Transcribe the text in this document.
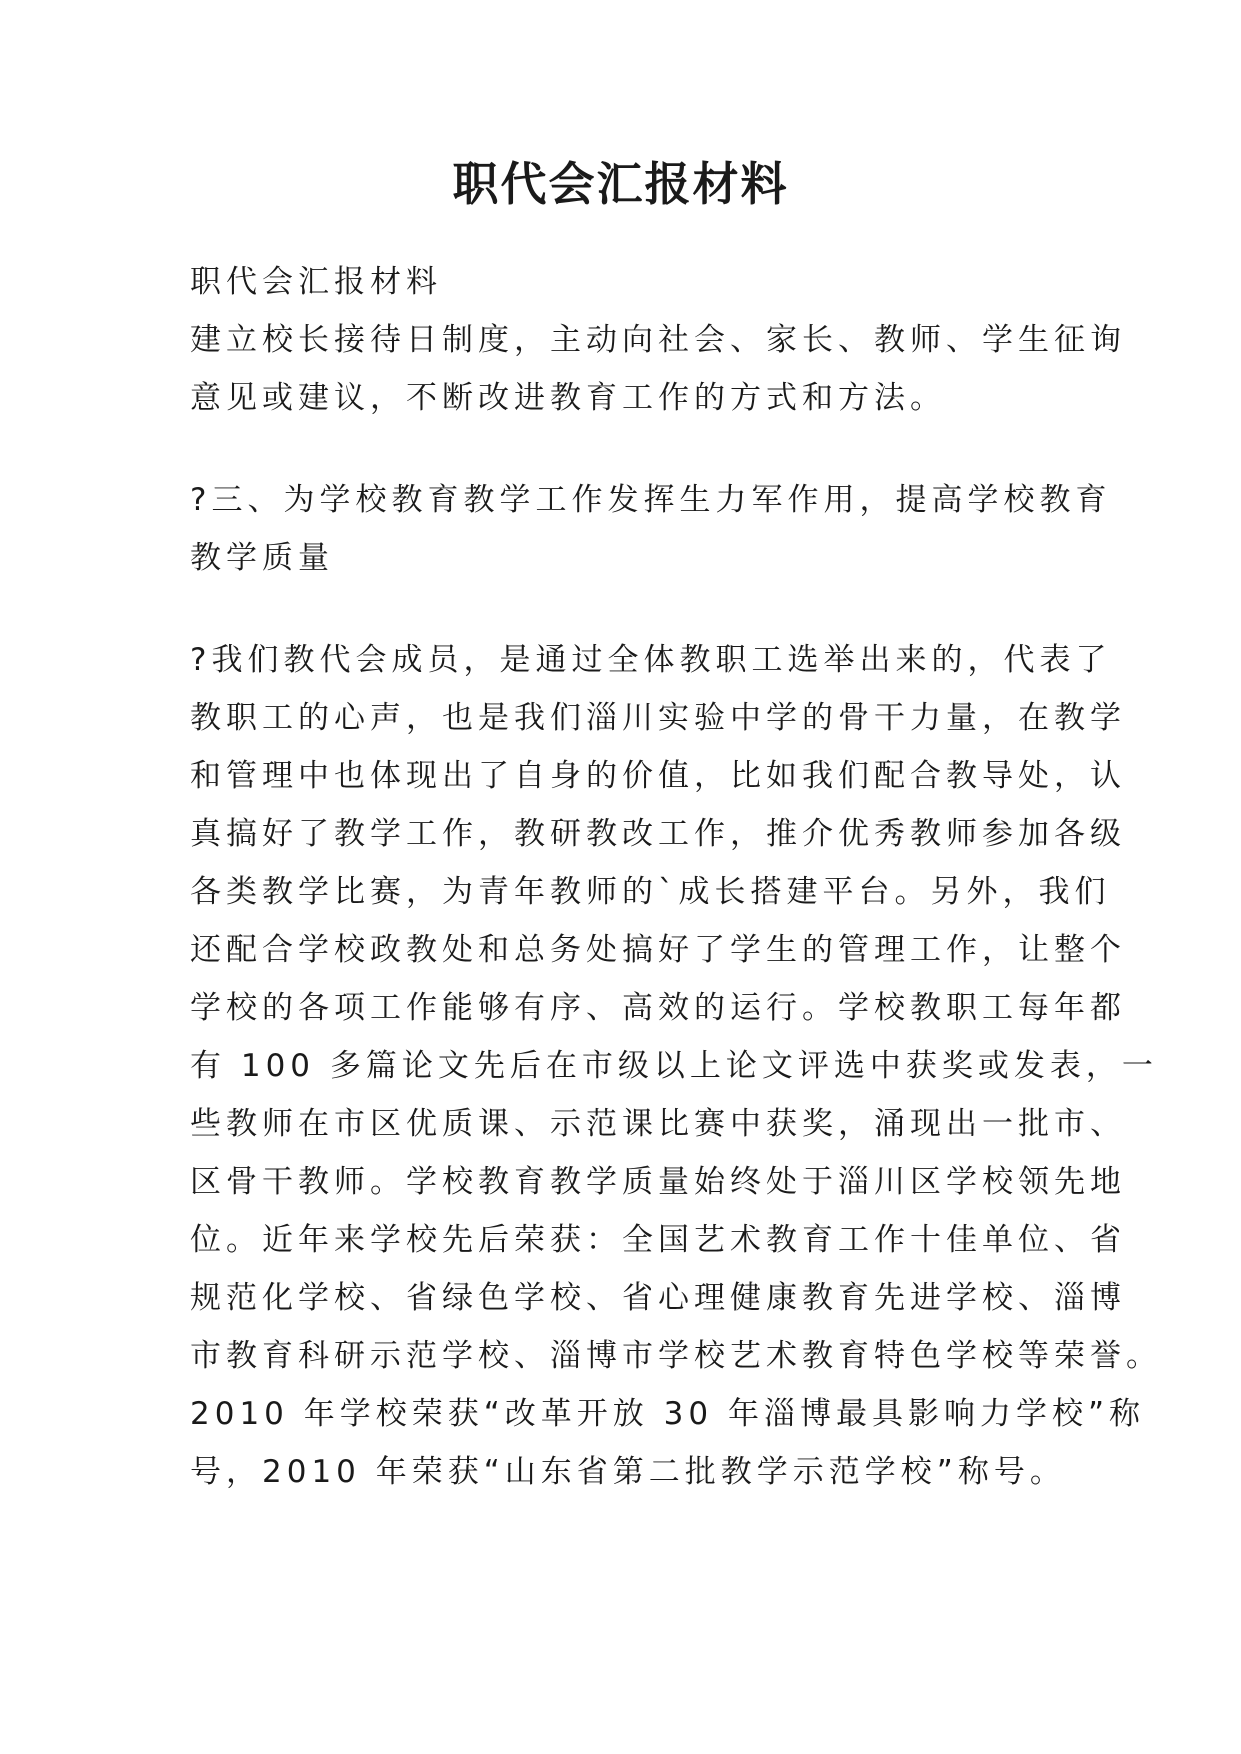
职代会汇报材料

职代会汇报材料

建立校长接待日制度，主动向社会、家长、教师、学生征询

意见或建议，不断改进教育工作的方式和方法。

?三、为学校教育教学工作发挥生力军作用，提高学校教育

教学质量

?我们教代会成员，是通过全体教职工选举出来的，代表了

教职工的心声，也是我们淄川实验中学的骨干力量，在教学

和管理中也体现出了自身的价值，比如我们配合教导处，认

真搞好了教学工作，教研教改工作，推介优秀教师参加各级

各类教学比赛，为青年教师的`成长搭建平台。另外，我们

还配合学校政教处和总务处搞好了学生的管理工作，让整个

学校的各项工作能够有序、高效的运行。学校教职工每年都

有 100 多篇论文先后在市级以上论文评选中获奖或发表，一

些教师在市区优质课、示范课比赛中获奖，涌现出一批市、

区骨干教师。学校教育教学质量始终处于淄川区学校领先地

位。近年来学校先后荣获：全国艺术教育工作十佳单位、省

规范化学校、省绿色学校、省心理健康教育先进学校、淄博

市教育科研示范学校、淄博市学校艺术教育特色学校等荣誉。

2010 年学校荣获“改革开放 30 年淄博最具影响力学校”称

号，2010 年荣获“山东省第二批教学示范学校”称号。
